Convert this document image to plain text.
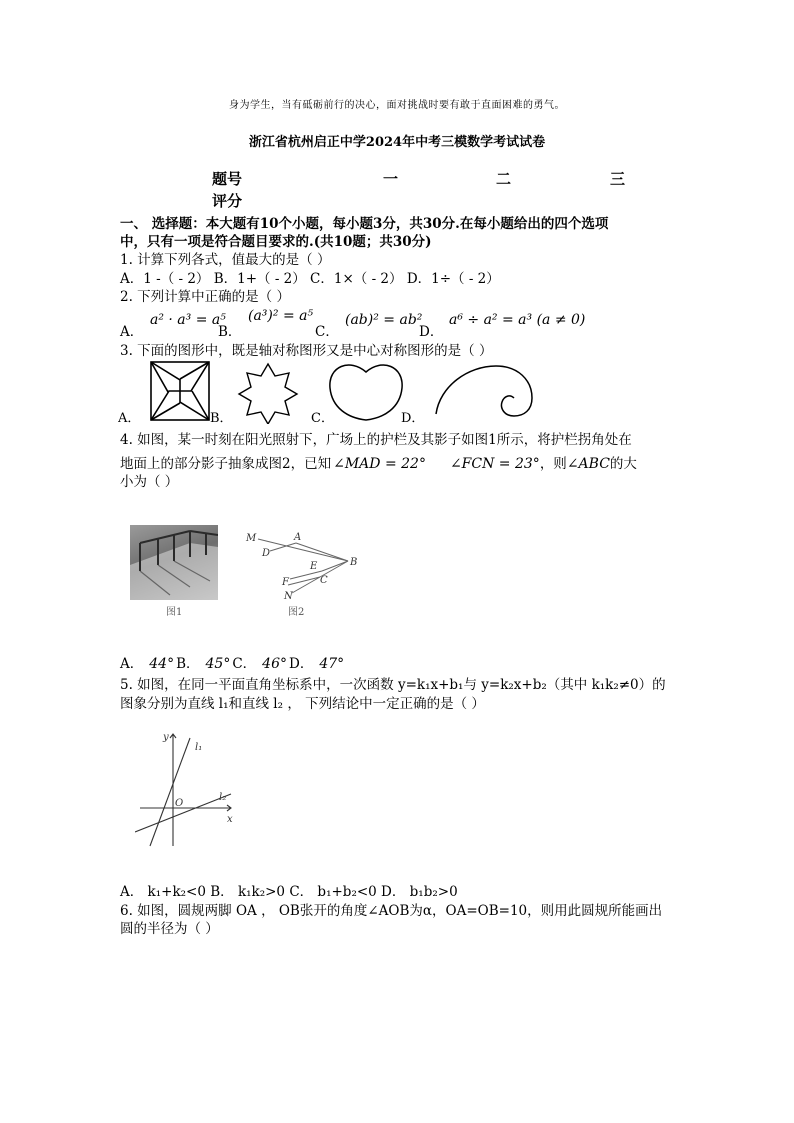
身为学生，当有砥砺前行的决心，面对挑战时要有敢于直面困难的勇气。
浙江省杭州启正中学2024年中考三模数学考试试卷
题号	一	二	三
评分
一、 选择题：本大题有10个小题，每小题3分，共30分.在每小题给出的四个选项
中，只有一项是符合题目要求的.(共10题；共30分)
1. 计算下列各式，值最大的是（ ）
A．1 -（ - 2） B．1+（ - 2） C．1×（ - 2） D．1÷（ - 2）
2. 下列计算中正确的是（ ）
A．
a² · a³ = a⁵
B．
(a³)² = a⁵
C．
(ab)² = ab²
D．
a⁶ ÷ a² = a³ (a ≠ 0)
3. 下面的图形中，既是轴对称图形又是中心对称图形的是（ ）
A．	B．	C．	D．
4. 如图，某一时刻在阳光照射下，广场上的护栏及其影子如图1所示，将护栏拐角处在
地面上的部分影子抽象成图2，已知 ∠MAD = 22° ∠FCN = 23°，则∠ABC的大
小为（ ）
图1
M
D
A
B
E
F	C
N
图2
A． 44° B． 45° C． 46° D． 47°
5. 如图，在同一平面直角坐标系中，一次函数 y=k₁x+b₁与 y=k₂x+b₂（其中 k₁k₂≠0）的
图象分别为直线 l₁和直线 l₂ ， 下列结论中一定正确的是（ ）
y
x
O
l₁
l₂
A． k₁+k₂<0 B． k₁k₂>0 C． b₁+b₂<0 D． b₁b₂>0
6. 如图，圆规两脚 OA ， OB张开的角度∠AOB为α，OA=OB=10，则用此圆规所能画出
圆的半径为（ ）
